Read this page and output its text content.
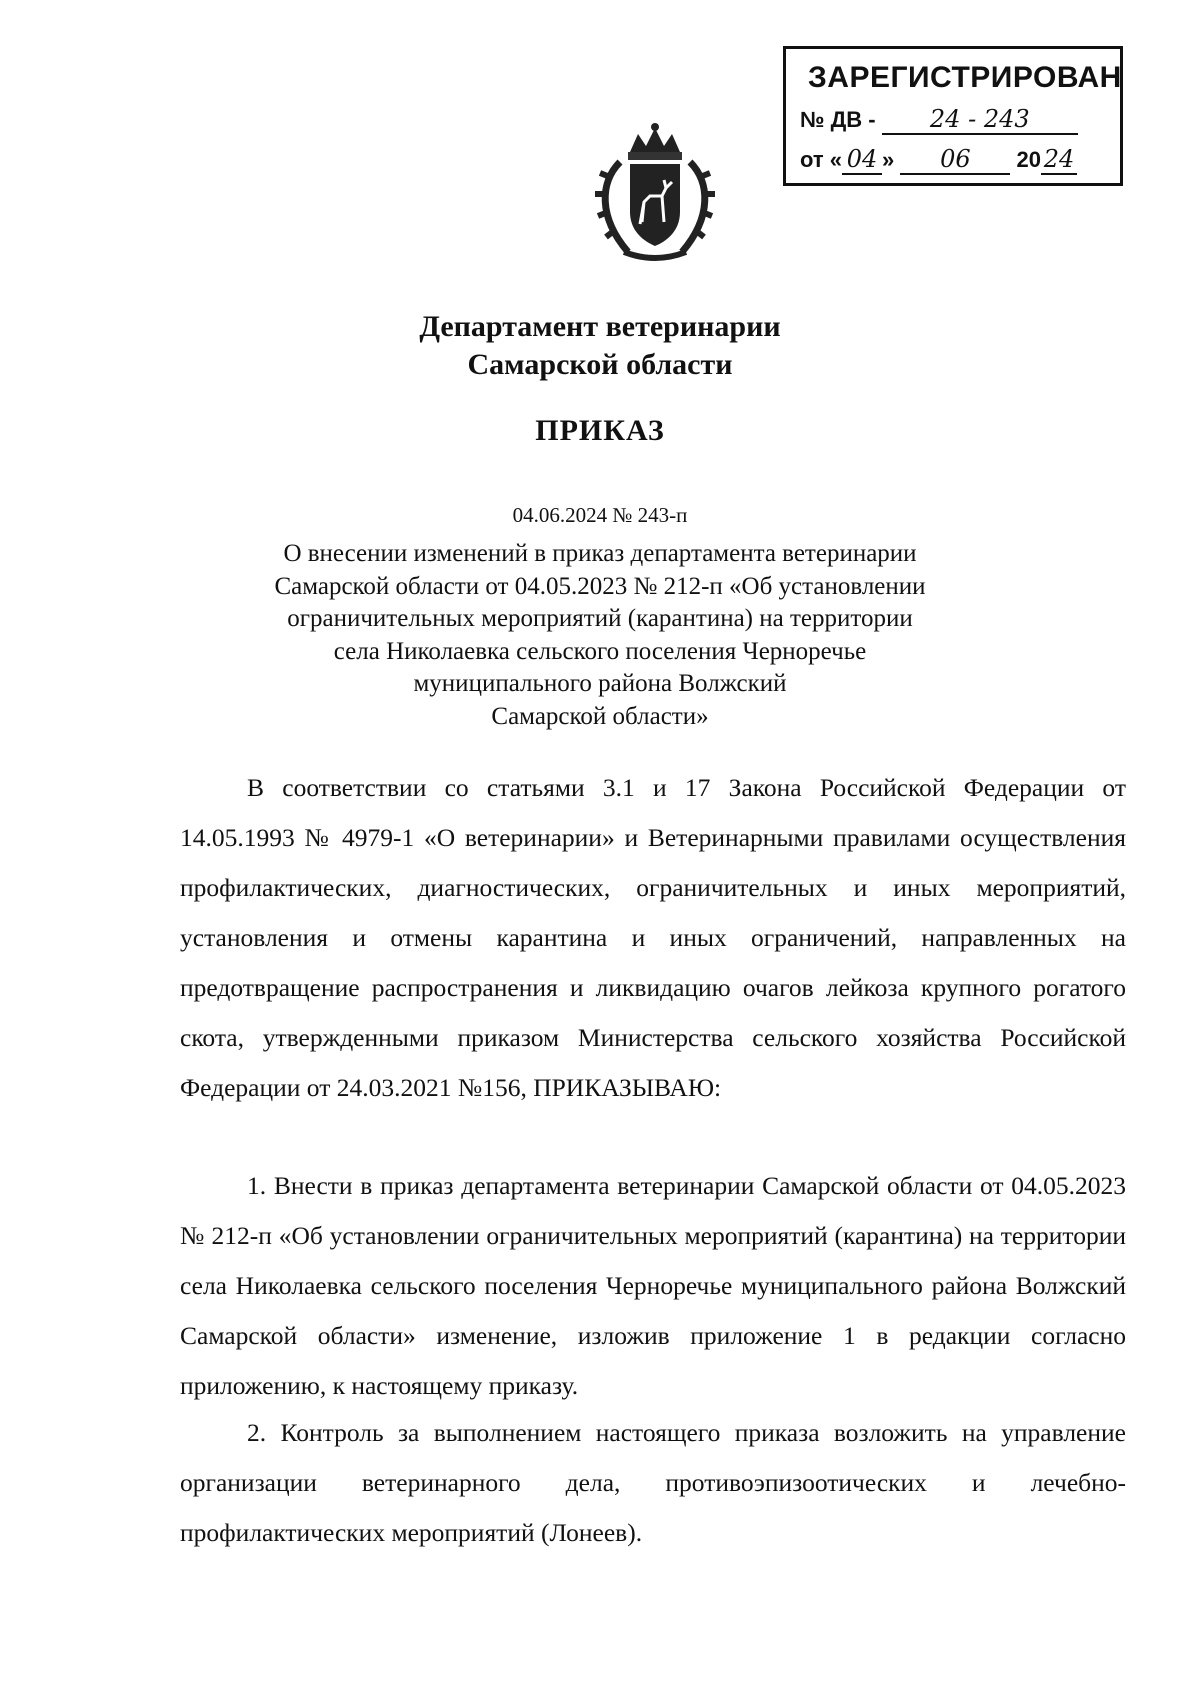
ЗАРЕГИСТРИРОВАН
№ ДВ - 24 - 243
от « 04 » 06 20 24
Департамент ветеринарии
Самарской области
ПРИКАЗ
04.06.2024 № 243-п
О внесении изменений в приказ департамента ветеринарии
Самарской области от 04.05.2023 № 212-п «Об установлении
ограничительных мероприятий (карантина) на территории
села Николаевка сельского поселения Черноречье
муниципального района Волжский
Самарской области»

В соответствии со статьями 3.1 и 17 Закона Российской Федерации от 14.05.1993 № 4979-1 «О ветеринарии» и Ветеринарными правилами осуществления профилактических, диагностических, ограничительных и иных мероприятий, установления и отмены карантина и иных ограничений, направленных на предотвращение распространения и ликвидацию очагов лейкоза крупного рогатого скота, утвержденными приказом Министерства сельского хозяйства Российской Федерации от 24.03.2021 №156, ПРИКАЗЫВАЮ:

1. Внести в приказ департамента ветеринарии Самарской области от 04.05.2023 № 212-п «Об установлении ограничительных мероприятий (карантина) на территории села Николаевка сельского поселения Черноречье муниципального района Волжский Самарской области» изменение, изложив приложение 1 в редакции согласно приложению, к настоящему приказу.

2. Контроль за выполнением настоящего приказа возложить на управление организации ветеринарного дела, противоэпизоотических и лечебно-профилактических мероприятий (Лонеев).
